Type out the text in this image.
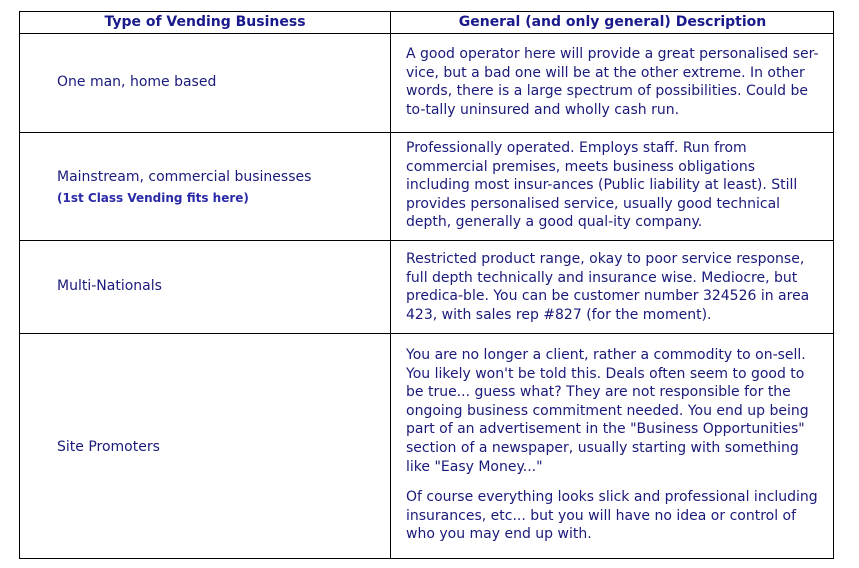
Type of Vending Business	General (and only general) Description
One man, home based

A good operator here will provide a great personalised ser-vice, but a bad one will be at the other extreme. In other words, there is a large spectrum of possibilities. Could be to-tally uninsured and wholly cash run.

Mainstream, commercial businesses
(1st Class Vending fits here)

Professionally operated. Employs staff. Run from commercial premises, meets business obligations including most insur-ances (Public liability at least). Still provides personalised service, usually good technical depth, generally a good qual-ity company.

Multi-Nationals

Restricted product range, okay to poor service response, full depth technically and insurance wise. Mediocre, but predica-ble. You can be customer number 324526 in area 423, with sales rep #827 (for the moment).

Site Promoters

You are no longer a client, rather a commodity to on-sell. You likely won't be told this. Deals often seem to good to be true... guess what? They are not responsible for the ongoing business commitment needed. You end up being part of an advertisement in the "Business Opportunities" section of a newspaper, usually starting with something like "Easy Money..."

Of course everything looks slick and professional including insurances, etc... but you will have no idea or control of who you may end up with.
